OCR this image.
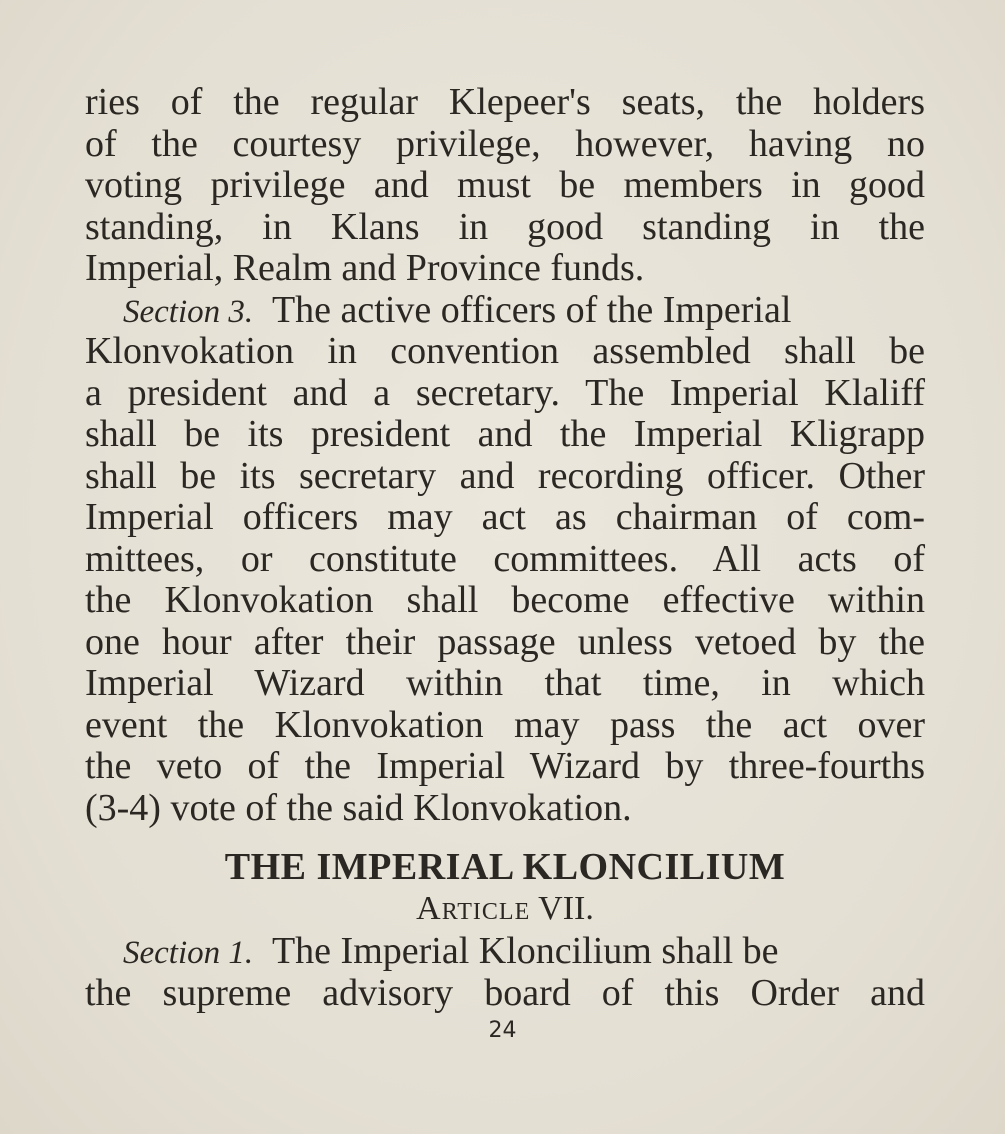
ries of the regular Klepeer's seats, the holders
of the courtesy privilege, however, having no
voting privilege and must be members in good
standing, in Klans in good standing in the
Imperial, Realm and Province funds.
Section 3. The active officers of the Imperial
Klonvokation in convention assembled shall be
a president and a secretary. The Imperial Klaliff
shall be its president and the Imperial Kligrapp
shall be its secretary and recording officer. Other
Imperial officers may act as chairman of com-
mittees, or constitute committees. All acts of
the Klonvokation shall become effective within
one hour after their passage unless vetoed by the
Imperial Wizard within that time, in which
event the Klonvokation may pass the act over
the veto of the Imperial Wizard by three-fourths
(3-4) vote of the said Klonvokation.
THE IMPERIAL KLONCILIUM
Article VII.
Section 1. The Imperial Kloncilium shall be
the supreme advisory board of this Order and
24
